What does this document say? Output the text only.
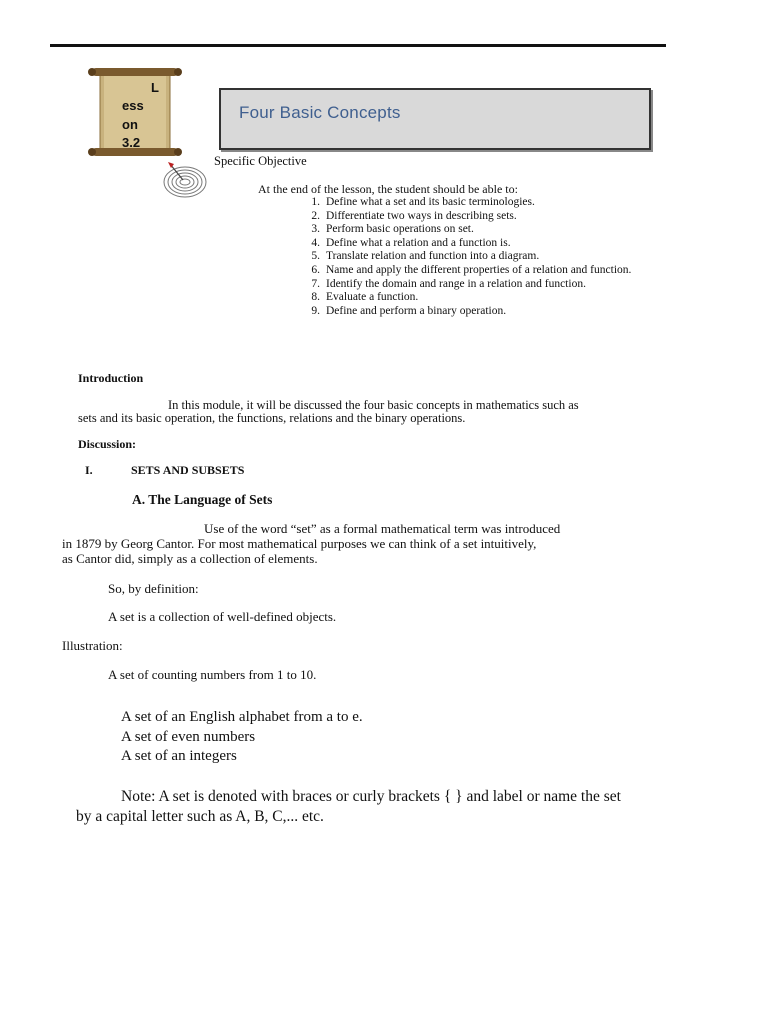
L
ess
on
3.2
Four Basic Concepts
Specific Objective
At the end of the lesson, the student should be able to:
1. Define what a set and its basic terminologies.
2. Differentiate two ways in describing sets.
3. Perform basic operations on set.
4. Define what a relation and a function is.
5. Translate relation and function into a diagram.
6. Name and apply the different properties of a relation and function.
7. Identify the domain and range in a relation and function.
8. Evaluate a function.
9. Define and perform a binary operation.
Introduction
In this module, it will be discussed the four basic concepts in mathematics such as
sets and its basic operation, the functions, relations and the binary operations.
Discussion:
I.	SETS AND SUBSETS
A. The Language of Sets
Use of the word “set” as a formal mathematical term was introduced
in 1879 by Georg Cantor. For most mathematical purposes we can think of a set intuitively,
as Cantor did, simply as a collection of elements.
So, by definition:
A set is a collection of well-defined objects.
Illustration:
A set of counting numbers from 1 to 10.
A set of an English alphabet from a to e.
A set of even numbers
A set of an integers
Note: A set is denoted with braces or curly brackets { } and label or name the set
by a capital letter such as A, B, C,... etc.
